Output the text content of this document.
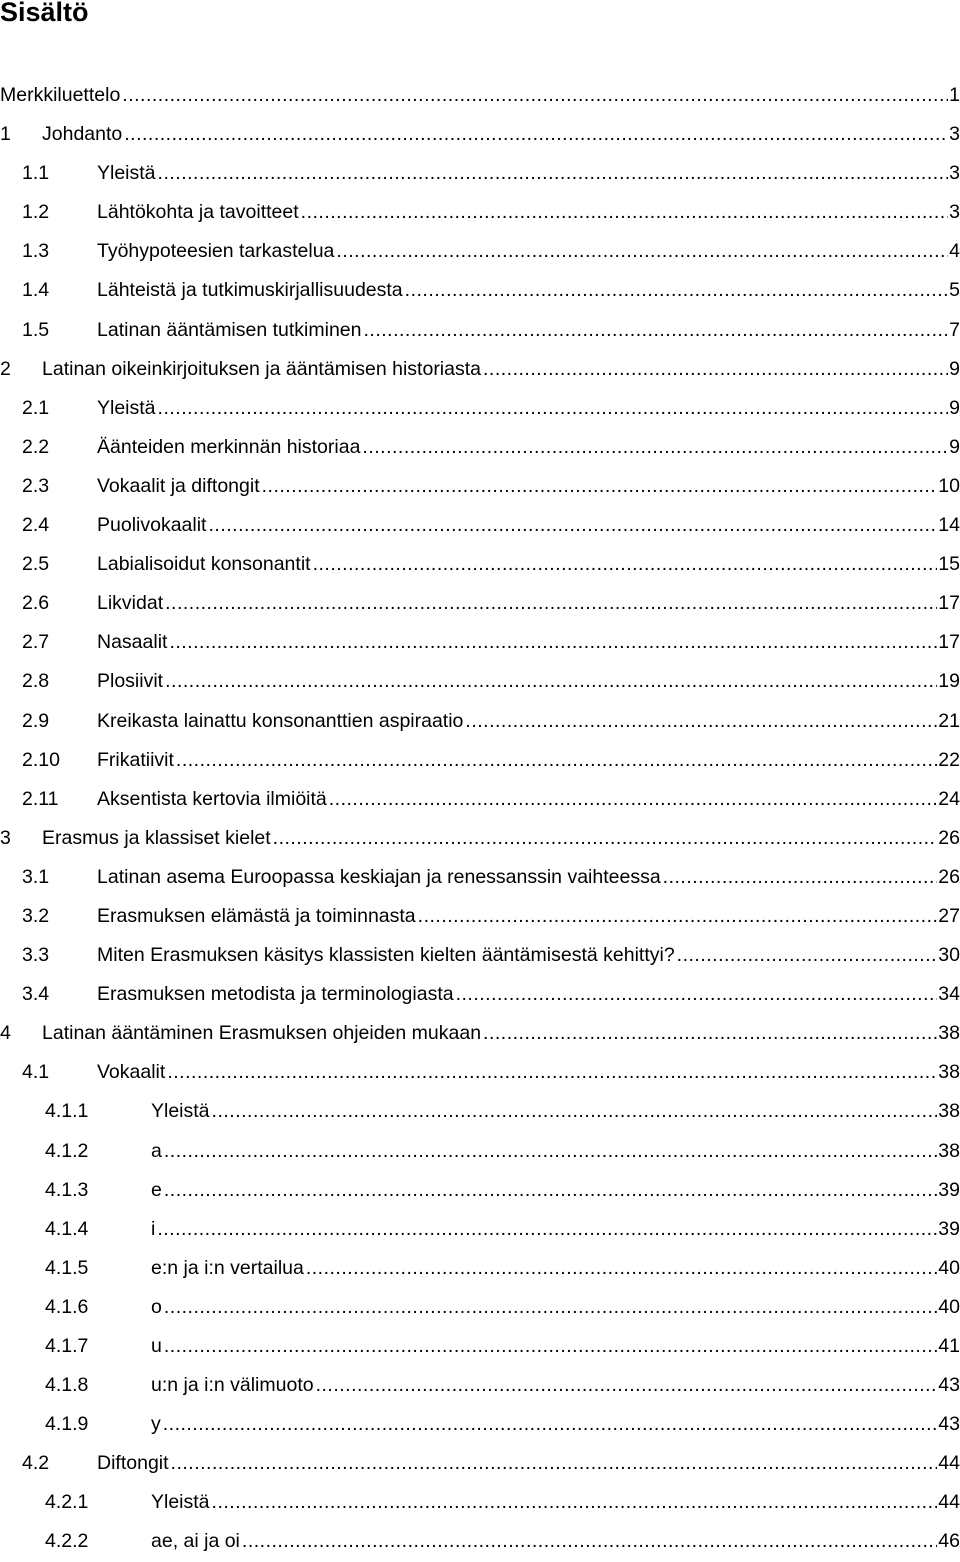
Sisältö
Merkkiluettelo .....	1
1 Johdanto .....	3
1.1 Yleistä .....	3
1.2 Lähtökohta ja tavoitteet .....	3
1.3 Työhypoteesien tarkastelua .....	4
1.4 Lähteistä ja tutkimuskirjallisuudesta .....	5
1.5 Latinan ääntämisen tutkiminen .....	7
2 Latinan oikeinkirjoituksen ja ääntämisen historiasta .....	9
2.1 Yleistä .....	9
2.2 Äänteiden merkinnän historiaa .....	9
2.3 Vokaalit ja diftongit .....	10
2.4 Puolivokaalit .....	14
2.5 Labialisoidut konsonantit .....	15
2.6 Likvidat .....	17
2.7 Nasaalit .....	17
2.8 Plosiivit .....	19
2.9 Kreikasta lainattu konsonanttien aspiraatio .....	21
2.10 Frikatiivit .....	22
2.11 Aksentista kertovia ilmiöitä .....	24
3 Erasmus ja klassiset kielet .....	26
3.1 Latinan asema Euroopassa keskiajan ja renessanssin vaihteessa .....	26
3.2 Erasmuksen elämästä ja toiminnasta .....	27
3.3 Miten Erasmuksen käsitys klassisten kielten ääntämisestä kehittyi? .....	30
3.4 Erasmuksen metodista ja terminologiasta .....	34
4 Latinan ääntäminen Erasmuksen ohjeiden mukaan .....	38
4.1 Vokaalit .....	38
4.1.1	Yleistä .....	38
4.1.2	a .....	38
4.1.3	e .....	39
4.1.4	i .....	39
4.1.5	e:n ja i:n vertailua .....	40
4.1.6	o .....	40
4.1.7	u .....	41
4.1.8	u:n ja i:n välimuoto .....	43
4.1.9	y .....	43
4.2 Diftongit .....	44
4.2.1	Yleistä .....	44
4.2.2	ae, ai ja oi .....	46
